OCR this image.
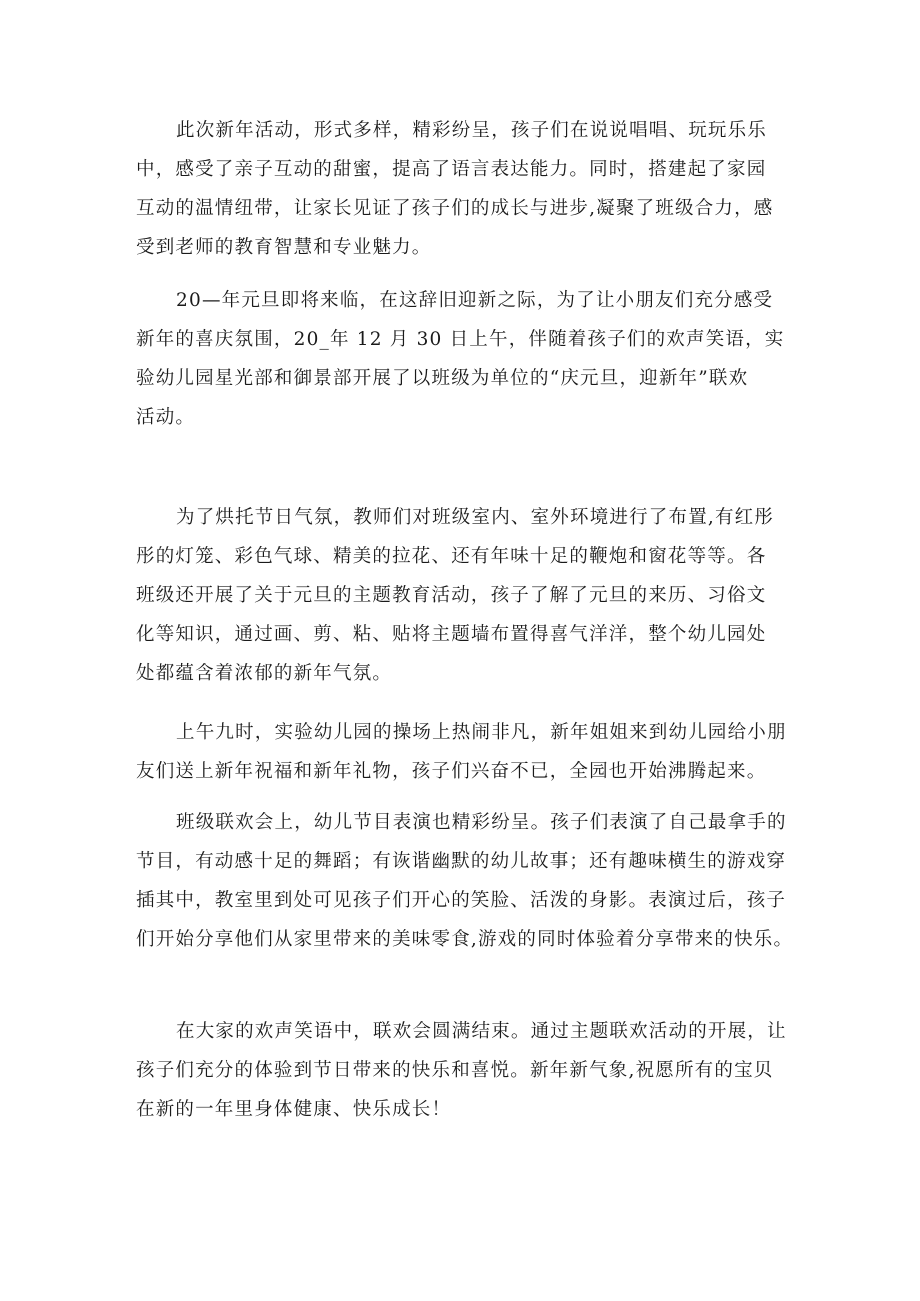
此次新年活动，形式多样，精彩纷呈，孩子们在说说唱唱、玩玩乐乐
中，感受了亲子互动的甜蜜，提高了语言表达能力。同时，搭建起了家园
互动的温情纽带，让家长见证了孩子们的成长与进步,凝聚了班级合力，感
受到老师的教育智慧和专业魅力。
20—年元旦即将来临，在这辞旧迎新之际，为了让小朋友们充分感受
新年的喜庆氛围，20_年 12 月 30 日上午，伴随着孩子们的欢声笑语，实
验幼儿园星光部和御景部开展了以班级为单位的“庆元旦，迎新年”联欢
活动。
为了烘托节日气氛，教师们对班级室内、室外环境进行了布置,有红彤
彤的灯笼、彩色气球、精美的拉花、还有年味十足的鞭炮和窗花等等。各
班级还开展了关于元旦的主题教育活动，孩子了解了元旦的来历、习俗文
化等知识，通过画、剪、粘、贴将主题墙布置得喜气洋洋，整个幼儿园处
处都蕴含着浓郁的新年气氛。
上午九时，实验幼儿园的操场上热闹非凡，新年姐姐来到幼儿园给小朋
友们送上新年祝福和新年礼物，孩子们兴奋不已，全园也开始沸腾起来。
班级联欢会上，幼儿节目表演也精彩纷呈。孩子们表演了自己最拿手的
节目，有动感十足的舞蹈；有诙谐幽默的幼儿故事；还有趣味横生的游戏穿
插其中，教室里到处可见孩子们开心的笑脸、活泼的身影。表演过后，孩子
们开始分享他们从家里带来的美味零食,游戏的同时体验着分享带来的快乐。
在大家的欢声笑语中，联欢会圆满结束。通过主题联欢活动的开展，让
孩子们充分的体验到节日带来的快乐和喜悦。新年新气象,祝愿所有的宝贝
在新的一年里身体健康、快乐成长！
